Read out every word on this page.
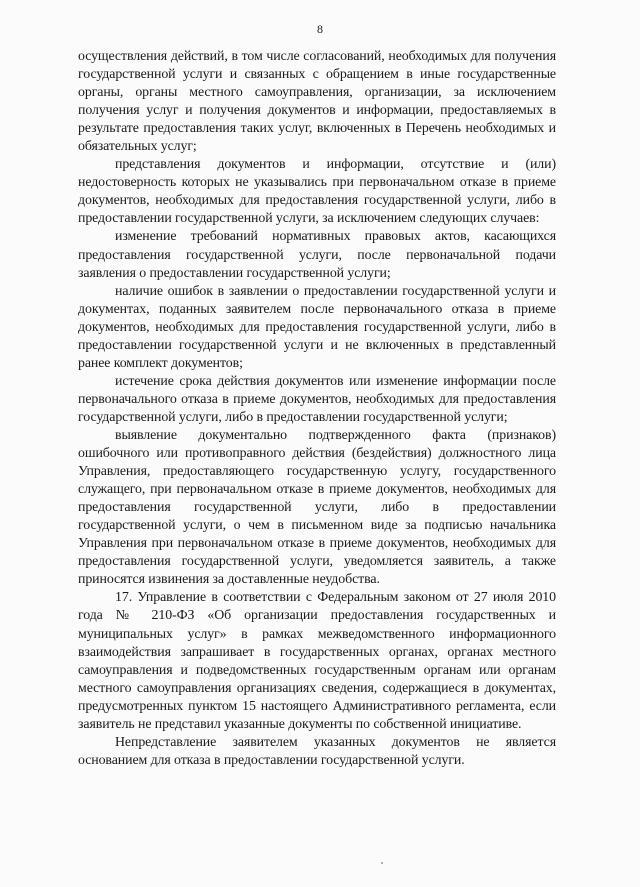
8

осуществления действий, в том числе согласований, необходимых для получения государственной услуги и связанных с обращением в иные государственные органы, органы местного самоуправления, организации, за исключением получения услуг и получения документов и информации, предоставляемых в результате предоставления таких услуг, включенных в Перечень необходимых и обязательных услуг;

представления документов и информации, отсутствие и (или) недостоверность которых не указывались при первоначальном отказе в приеме документов, необходимых для предоставления государственной услуги, либо в предоставлении государственной услуги, за исключением следующих случаев:

изменение требований нормативных правовых актов, касающихся предоставления государственной услуги, после первоначальной подачи заявления о предоставлении государственной услуги;

наличие ошибок в заявлении о предоставлении государственной услуги и документах, поданных заявителем после первоначального отказа в приеме документов, необходимых для предоставления государственной услуги, либо в предоставлении государственной услуги и не включенных в представленный ранее комплект документов;

истечение срока действия документов или изменение информации после первоначального отказа в приеме документов, необходимых для предоставления государственной услуги, либо в предоставлении государственной услуги;

выявление документально подтвержденного факта (признаков) ошибочного или противоправного действия (бездействия) должностного лица Управления, предоставляющего государственную услугу, государственного служащего, при первоначальном отказе в приеме документов, необходимых для предоставления государственной услуги, либо в предоставлении государственной услуги, о чем в письменном виде за подписью начальника Управления при первоначальном отказе в приеме документов, необходимых для предоставления государственной услуги, уведомляется заявитель, а также приносятся извинения за доставленные неудобства.

17. Управление в соответствии с Федеральным законом от 27 июля 2010 года № 210-ФЗ «Об организации предоставления государственных и муниципальных услуг» в рамках межведомственного информационного взаимодействия запрашивает в государственных органах, органах местного самоуправления и подведомственных государственным органам или органам местного самоуправления организациях сведения, содержащиеся в документах, предусмотренных пунктом 15 настоящего Административного регламента, если заявитель не представил указанные документы по собственной инициативе.

Непредставление заявителем указанных документов не является основанием для отказа в предоставлении государственной услуги.
